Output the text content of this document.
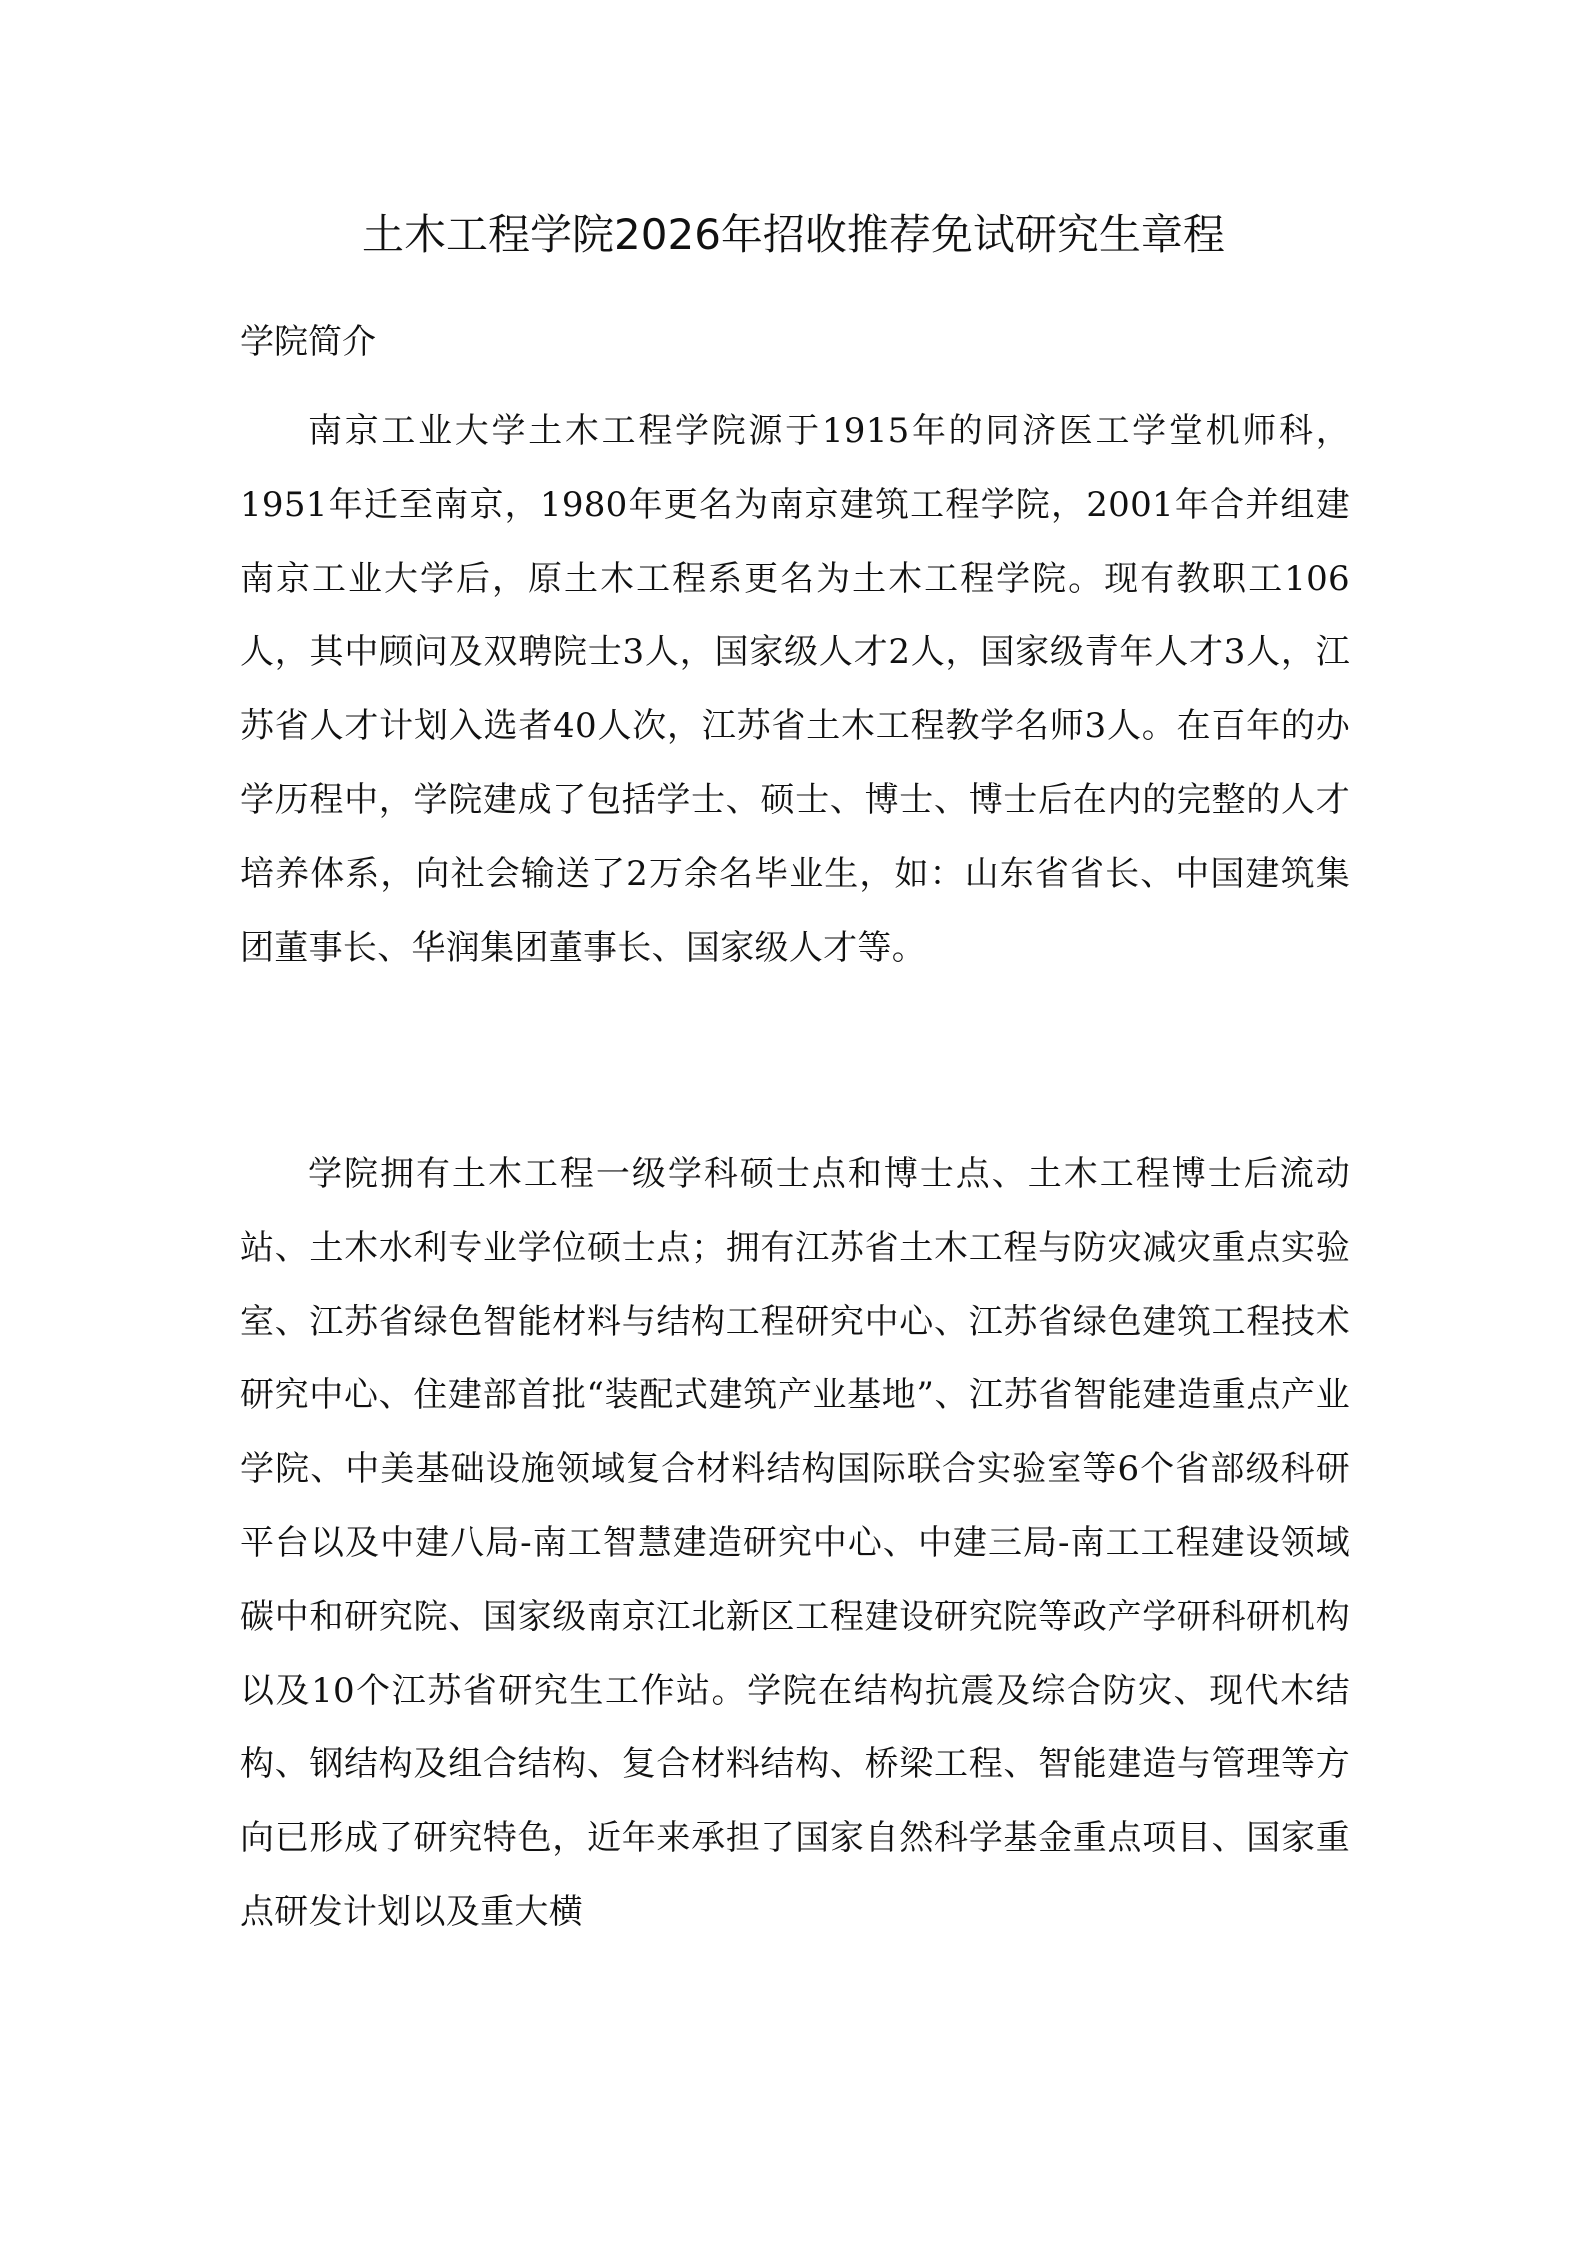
土木工程学院2026年招收推荐免试研究生章程
学院简介

南京工业大学土木工程学院源于1915年的同济医工学堂机师科，1951年迁至南京，1980年更名为南京建筑工程学院，2001年合并组建南京工业大学后，原土木工程系更名为土木工程学院。现有教职工106人，其中顾问及双聘院士3人，国家级人才2人，国家级青年人才3人，江苏省人才计划入选者40人次，江苏省土木工程教学名师3人。在百年的办学历程中，学院建成了包括学士、硕士、博士、博士后在内的完整的人才培养体系，向社会输送了2万余名毕业生，如：山东省省长、中国建筑集团董事长、华润集团董事长、国家级人才等。

学院拥有土木工程一级学科硕士点和博士点、土木工程博士后流动站、土木水利专业学位硕士点；拥有江苏省土木工程与防灾减灾重点实验室、江苏省绿色智能材料与结构工程研究中心、江苏省绿色建筑工程技术研究中心、住建部首批“装配式建筑产业基地”、江苏省智能建造重点产业学院、中美基础设施领域复合材料结构国际联合实验室等6个省部级科研平台以及中建八局-南工智慧建造研究中心、中建三局-南工工程建设领域碳中和研究院、国家级南京江北新区工程建设研究院等政产学研科研机构以及10个江苏省研究生工作站。学院在结构抗震及综合防灾、现代木结构、钢结构及组合结构、复合材料结构、桥梁工程、智能建造与管理等方向已形成了研究特色，近年来承担了国家自然科学基金重点项目、国家重点研发计划以及重大横
